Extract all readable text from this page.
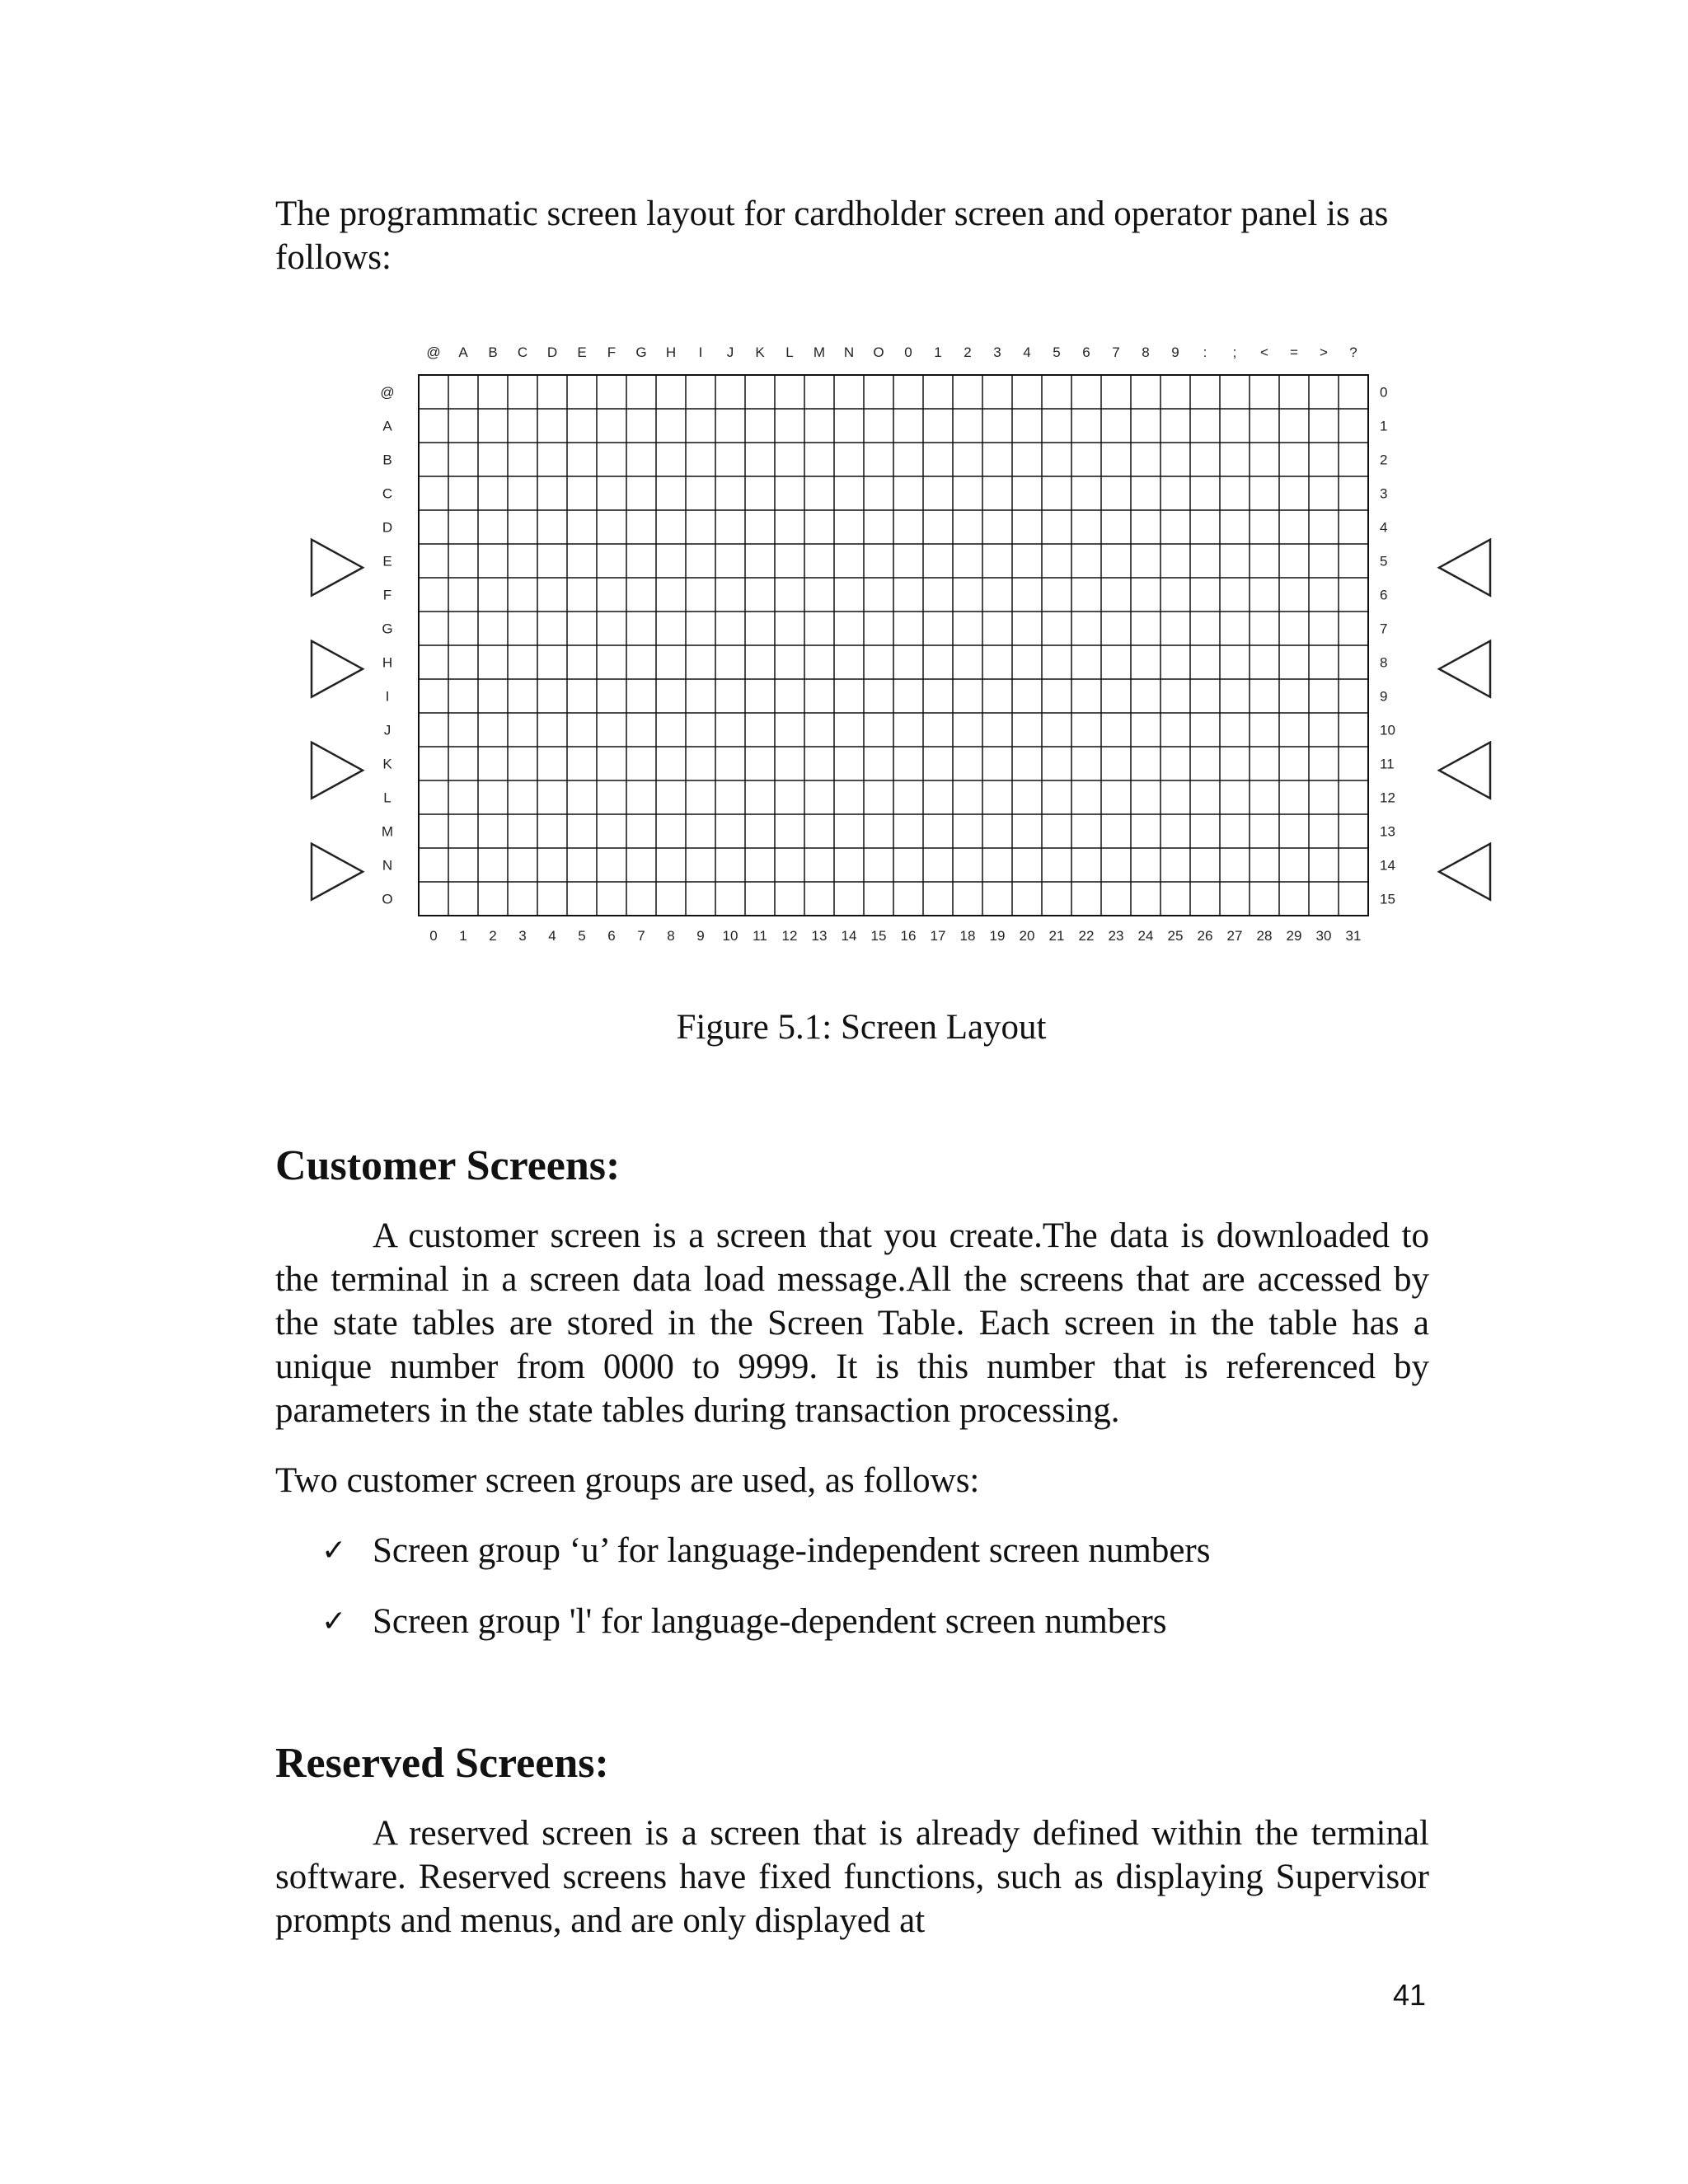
The programmatic screen layout for cardholder screen and operator panel is as follows:

@ A B C D E F G H I J K L M N O 0 1 2 3 4 5 6 7 8 9 : ; < = > ?
0 1 2 3 4 5 6 7 8 9 10 11 12 13 14 15 16 17 18 19 20 21 22 23 24 25 26 27 28 29 30 31
@
A
B
C
D
E
F
G
H
I
J
K
L
M
N
O
0
1
2
3
4
5
6
7
8
9
10
11
12
13
14
15

Figure 5.1: Screen Layout

Customer Screens:

A customer screen is a screen that you create.The data is downloaded to the terminal in a screen data load message.All the screens that are accessed by the state tables are stored in the Screen Table. Each screen in the table has a unique number from 0000 to 9999. It is this number that is referenced by parameters in the state tables during transaction processing.

Two customer screen groups are used, as follows:

✓ Screen group ‘u’ for language-independent screen numbers
✓ Screen group 'l' for language-dependent screen numbers
Reserved Screens:

A reserved screen is a screen that is already defined within the terminal software. Reserved screens have fixed functions, such as displaying Supervisor prompts and menus, and are only displayed at

41
